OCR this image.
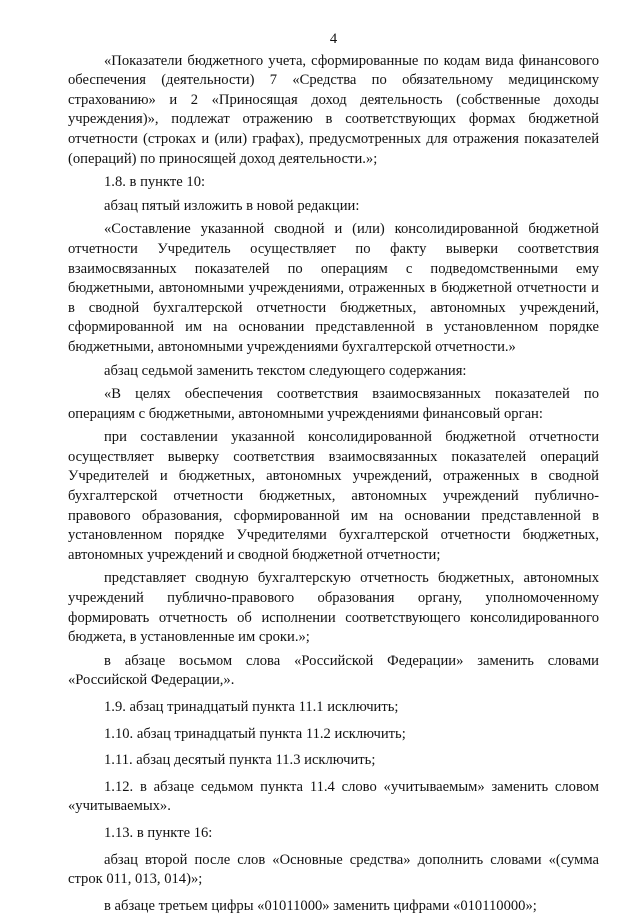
4

«Показатели бюджетного учета, сформированные по кодам вида финансового обеспечения (деятельности) 7 «Средства по обязательному медицинскому страхованию» и 2 «Приносящая доход деятельность (собственные доходы учреждения)», подлежат отражению в соответствующих формах бюджетной отчетности (строках и (или) графах), предусмотренных для отражения показателей (операций) по приносящей доход деятельности.»;

1.8. в пункте 10:

абзац пятый изложить в новой редакции:

«Составление указанной сводной и (или) консолидированной бюджетной отчетности Учредитель осуществляет по факту выверки соответствия взаимосвязанных показателей по операциям с подведомственными ему бюджетными, автономными учреждениями, отраженных в бюджетной отчетности и в сводной бухгалтерской отчетности бюджетных, автономных учреждений, сформированной им на основании представленной в установленном порядке бюджетными, автономными учреждениями бухгалтерской отчетности.»

абзац седьмой заменить текстом следующего содержания:

«В целях обеспечения соответствия взаимосвязанных показателей по операциям с бюджетными, автономными учреждениями финансовый орган:

при составлении указанной консолидированной бюджетной отчетности осуществляет выверку соответствия взаимосвязанных показателей операций Учредителей и бюджетных, автономных учреждений, отраженных в сводной бухгалтерской отчетности бюджетных, автономных учреждений публично-правового образования, сформированной им на основании представленной в установленном порядке Учредителями бухгалтерской отчетности бюджетных, автономных учреждений и сводной бюджетной отчетности;

представляет сводную бухгалтерскую отчетность бюджетных, автономных учреждений публично-правового образования органу, уполномоченному формировать отчетность об исполнении соответствующего консолидированного бюджета, в установленные им сроки.»;

в абзаце восьмом слова «Российской Федерации» заменить словами «Российской Федерации,».

1.9. абзац тринадцатый пункта 11.1 исключить;

1.10. абзац тринадцатый пункта 11.2 исключить;

1.11. абзац десятый пункта 11.3 исключить;

1.12. в абзаце седьмом пункта 11.4 слово «учитываемым» заменить словом «учитываемых».

1.13. в пункте 16:

абзац второй после слов «Основные средства» дополнить словами «(сумма строк 011, 013, 014)»;

в абзаце третьем цифры «01011000» заменить цифрами «010110000»;
